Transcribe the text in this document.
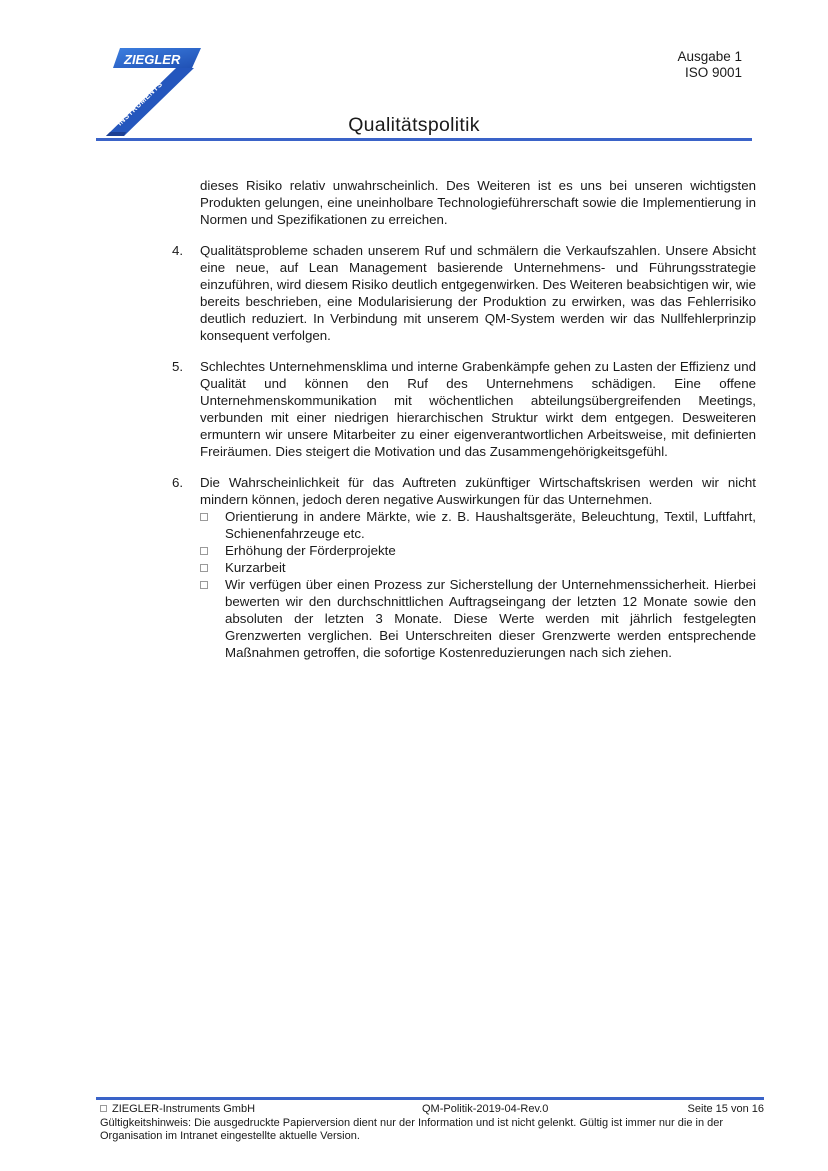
ZIEGLER
INSTRUMENTS
Ausgabe 1
ISO 9001
Qualitätspolitik

dieses Risiko relativ unwahrscheinlich. Des Weiteren ist es uns bei unseren wichtigsten Produkten gelungen, eine uneinholbare Technologieführerschaft sowie die Implementierung in Normen und Spezifikationen zu erreichen.

4. Qualitätsprobleme schaden unserem Ruf und schmälern die Verkaufszahlen. Unsere Absicht eine neue, auf Lean Management basierende Unternehmens- und Führungsstrategie einzuführen, wird diesem Risiko deutlich entgegenwirken. Des Weiteren beabsichtigen wir, wie bereits beschrieben, eine Modularisierung der Produktion zu erwirken, was das Fehlerrisiko deutlich reduziert. In Verbindung mit unserem QM-System werden wir das Nullfehlerprinzip konsequent verfolgen.
5. Schlechtes Unternehmensklima und interne Grabenkämpfe gehen zu Lasten der Effizienz und Qualität und können den Ruf des Unternehmens schädigen. Eine offene Unternehmenskommunikation mit wöchentlichen abteilungsübergreifenden Meetings, verbunden mit einer niedrigen hierarchischen Struktur wirkt dem entgegen. Desweiteren ermuntern wir unsere Mitarbeiter zu einer eigenverantwortlichen Arbeitsweise, mit definierten Freiräumen. Dies steigert die Motivation und das Zusammengehörigkeitsgefühl.
6. Die Wahrscheinlichkeit für das Auftreten zukünftiger Wirtschaftskrisen werden wir nicht mindern können, jedoch deren negative Auswirkungen für das Unternehmen.
Orientierung in andere Märkte, wie z. B. Haushaltsgeräte, Beleuchtung, Textil, Luftfahrt, Schienenfahrzeuge etc.
Erhöhung der Förderprojekte
Kurzarbeit
Wir verfügen über einen Prozess zur Sicherstellung der Unternehmenssicherheit. Hierbei bewerten wir den durchschnittlichen Auftragseingang der letzten 12 Monate sowie den absoluten der letzten 3 Monate. Diese Werte werden mit jährlich festgelegten Grenzwerten verglichen. Bei Unterschreiten dieser Grenzwerte werden entsprechende Maßnahmen getroffen, die sofortige Kostenreduzierungen nach sich ziehen.
ZIEGLER-Instruments GmbH	QM-Politik-2019-04-Rev.0	Seite 15 von 16
Gültigkeitshinweis: Die ausgedruckte Papierversion dient nur der Information und ist nicht gelenkt. Gültig ist immer nur die in der Organisation im Intranet eingestellte aktuelle Version.
